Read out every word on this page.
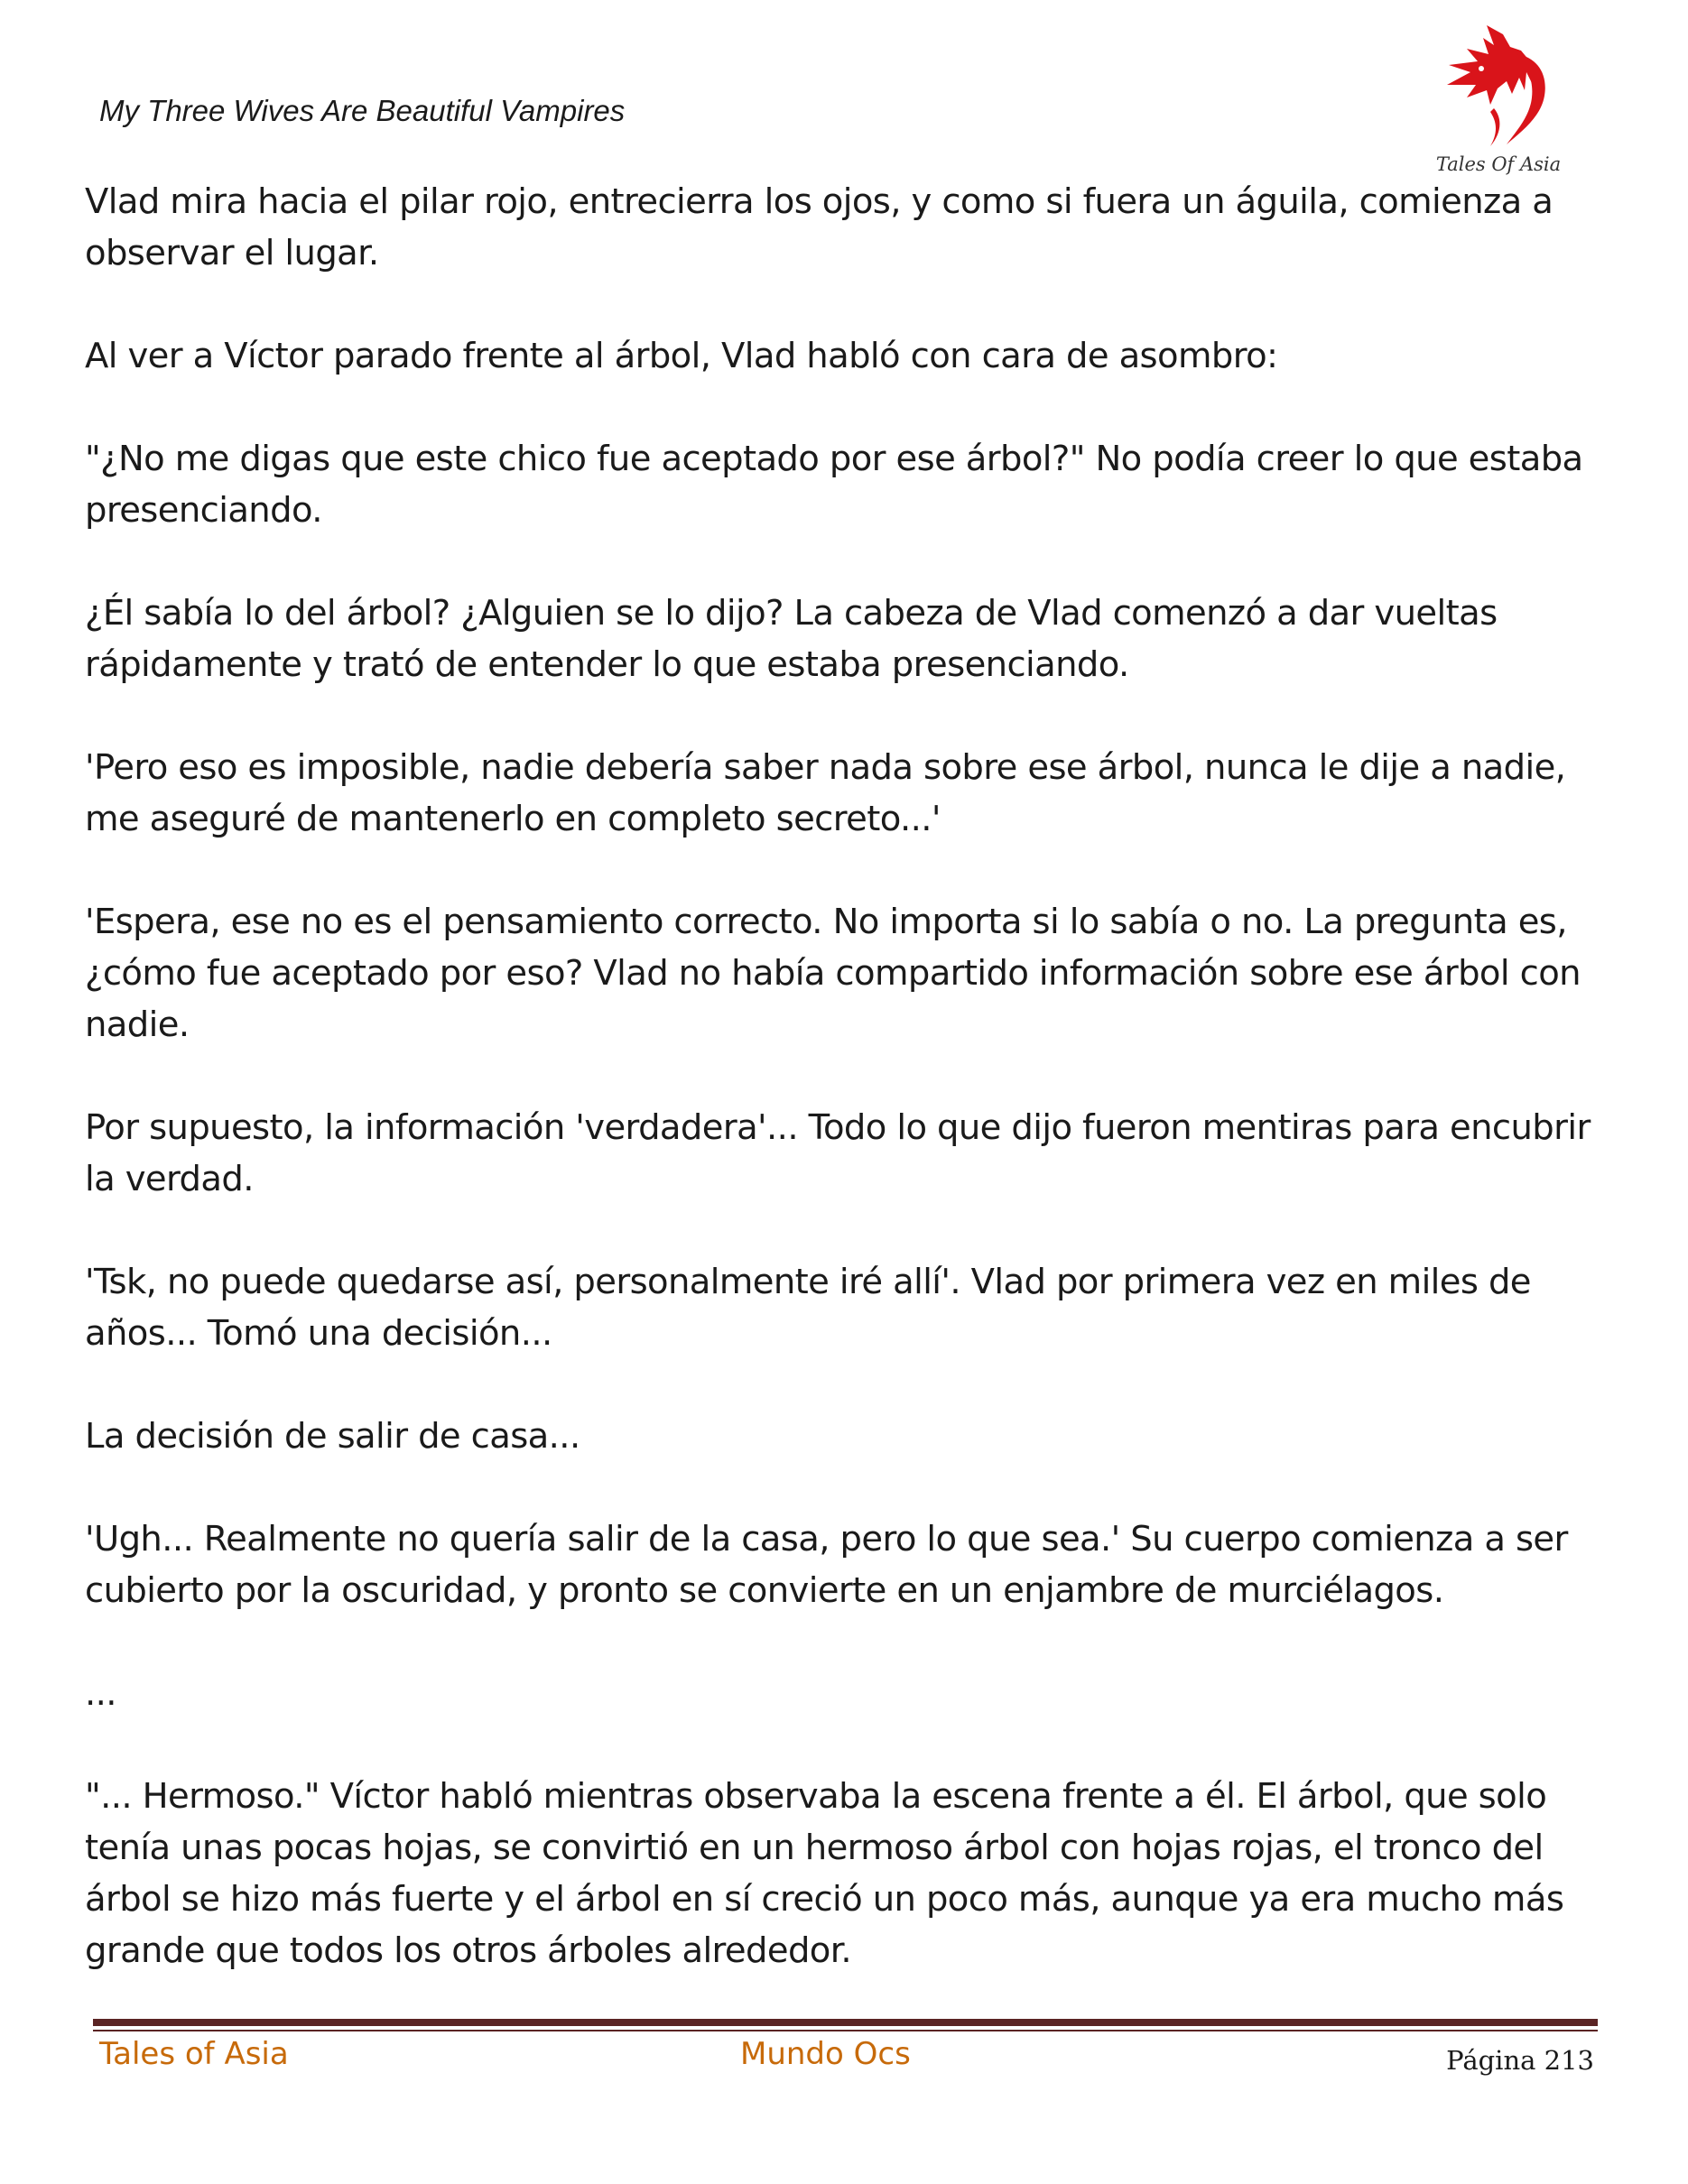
My Three Wives Are Beautiful Vampires
Tales Of Asia

Vlad mira hacia el pilar rojo, entrecierra los ojos, y como si fuera un águila, comienza a observar el lugar.

Al ver a Víctor parado frente al árbol, Vlad habló con cara de asombro:

"¿No me digas que este chico fue aceptado por ese árbol?" No podía creer lo que estaba presenciando.

¿Él sabía lo del árbol? ¿Alguien se lo dijo? La cabeza de Vlad comenzó a dar vueltas rápidamente y trató de entender lo que estaba presenciando.

'Pero eso es imposible, nadie debería saber nada sobre ese árbol, nunca le dije a nadie, me aseguré de mantenerlo en completo secreto...'

'Espera, ese no es el pensamiento correcto. No importa si lo sabía o no. La pregunta es, ¿cómo fue aceptado por eso? Vlad no había compartido información sobre ese árbol con nadie.

Por supuesto, la información 'verdadera'... Todo lo que dijo fueron mentiras para encubrir la verdad.

'Tsk, no puede quedarse así, personalmente iré allí'. Vlad por primera vez en miles de años... Tomó una decisión...

La decisión de salir de casa...

'Ugh... Realmente no quería salir de la casa, pero lo que sea.' Su cuerpo comienza a ser cubierto por la oscuridad, y pronto se convierte en un enjambre de murciélagos.

...

"... Hermoso." Víctor habló mientras observaba la escena frente a él. El árbol, que solo tenía unas pocas hojas, se convirtió en un hermoso árbol con hojas rojas, el tronco del árbol se hizo más fuerte y el árbol en sí creció un poco más, aunque ya era mucho más grande que todos los otros árboles alrededor.

Tales of Asia	Mundo Ocs	Página 213
